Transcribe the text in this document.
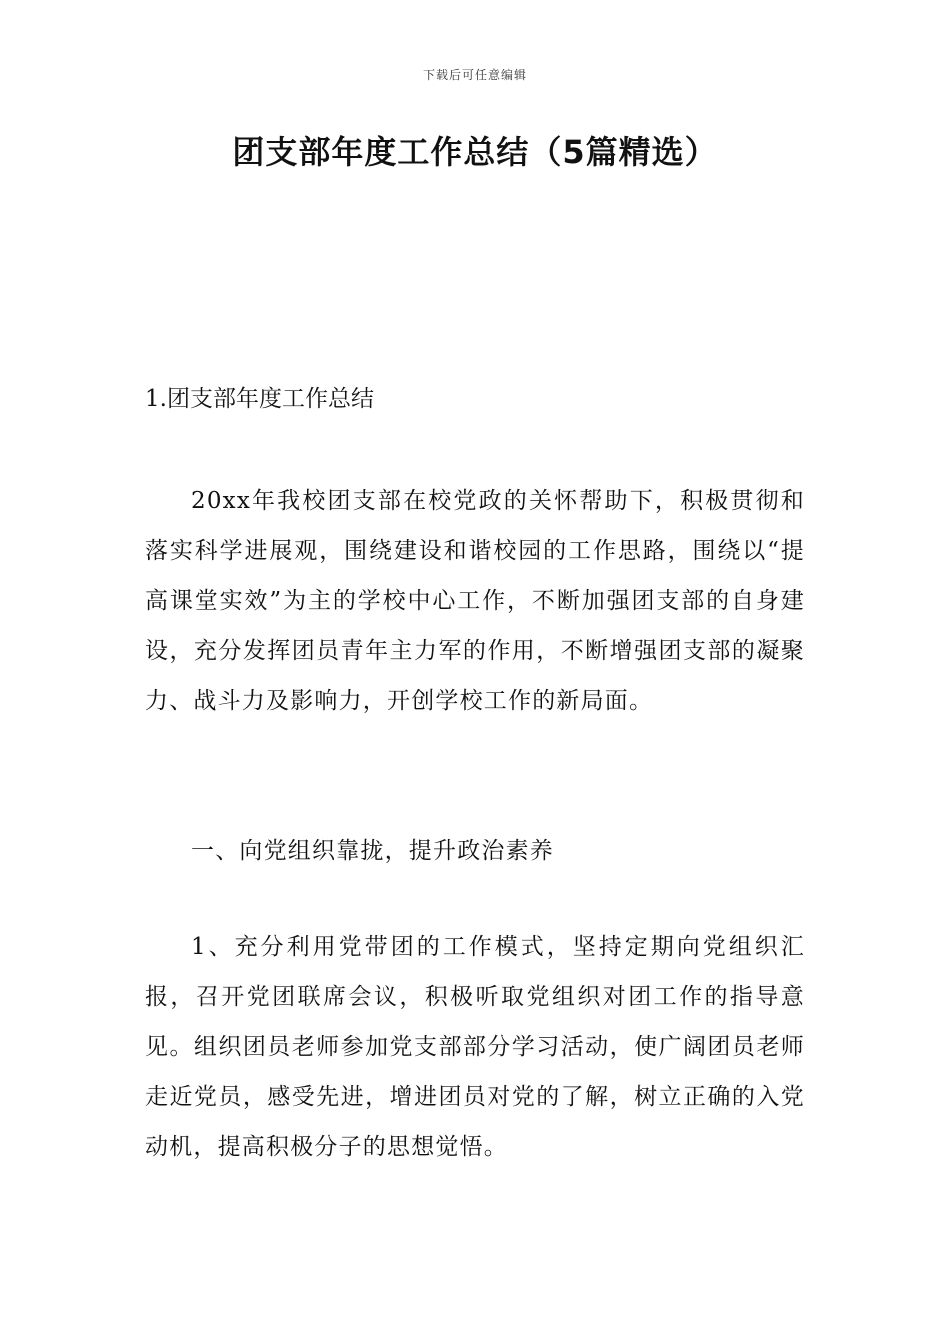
下载后可任意编辑
团支部年度工作总结（5篇精选）
1.团支部年度工作总结

20xx年我校团支部在校党政的关怀帮助下，积极贯彻和落实科学进展观，围绕建设和谐校园的工作思路，围绕以“提高课堂实效”为主的学校中心工作，不断加强团支部的自身建设，充分发挥团员青年主力军的作用，不断增强团支部的凝聚力、战斗力及影响力，开创学校工作的新局面。

一、向党组织靠拢，提升政治素养

1、充分利用党带团的工作模式，坚持定期向党组织汇报，召开党团联席会议，积极听取党组织对团工作的指导意见。组织团员老师参加党支部部分学习活动，使广阔团员老师走近党员，感受先进，增进团员对党的了解，树立正确的入党动机，提高积极分子的思想觉悟。
